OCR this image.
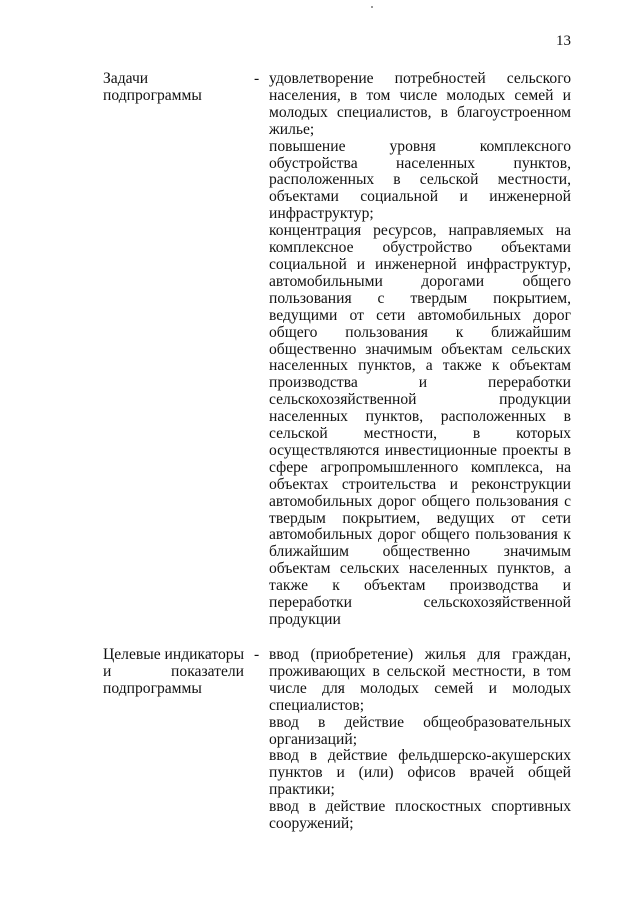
13
Задачи
подпрограммы
- удовлетворение потребностей сельского населения, в том числе молодых семей и молодых специалистов, в благоустроенном жилье;
повышение уровня комплексного обустройства населенных пунктов, расположенных в сельской местности, объектами социальной и инженерной инфраструктур;
концентрация ресурсов, направляемых на комплексное обустройство объектами социальной и инженерной инфраструктур, автомобильными дорогами общего пользования с твердым покрытием, ведущими от сети автомобильных дорог общего пользования к ближайшим общественно значимым объектам сельских населенных пунктов, а также к объектам производства и переработки сельскохозяйственной продукции населенных пунктов, расположенных в сельской местности, в которых осуществляются инвестиционные проекты в сфере агропромышленного комплекса, на объектах строительства и реконструкции автомобильных дорог общего пользования с твердым покрытием, ведущих от сети автомобильных дорог общего пользования к ближайшим общественно значимым объектам сельских населенных пунктов, а также к объектам производства и переработки сельскохозяйственной продукции
Целевые индикаторы
и показатели
подпрограммы
- ввод (приобретение) жилья для граждан, проживающих в сельской местности, в том числе для молодых семей и молодых специалистов;
ввод в действие общеобразовательных организаций;
ввод в действие фельдшерско-акушерских пунктов и (или) офисов врачей общей практики;
ввод в действие плоскостных спортивных сооружений;
